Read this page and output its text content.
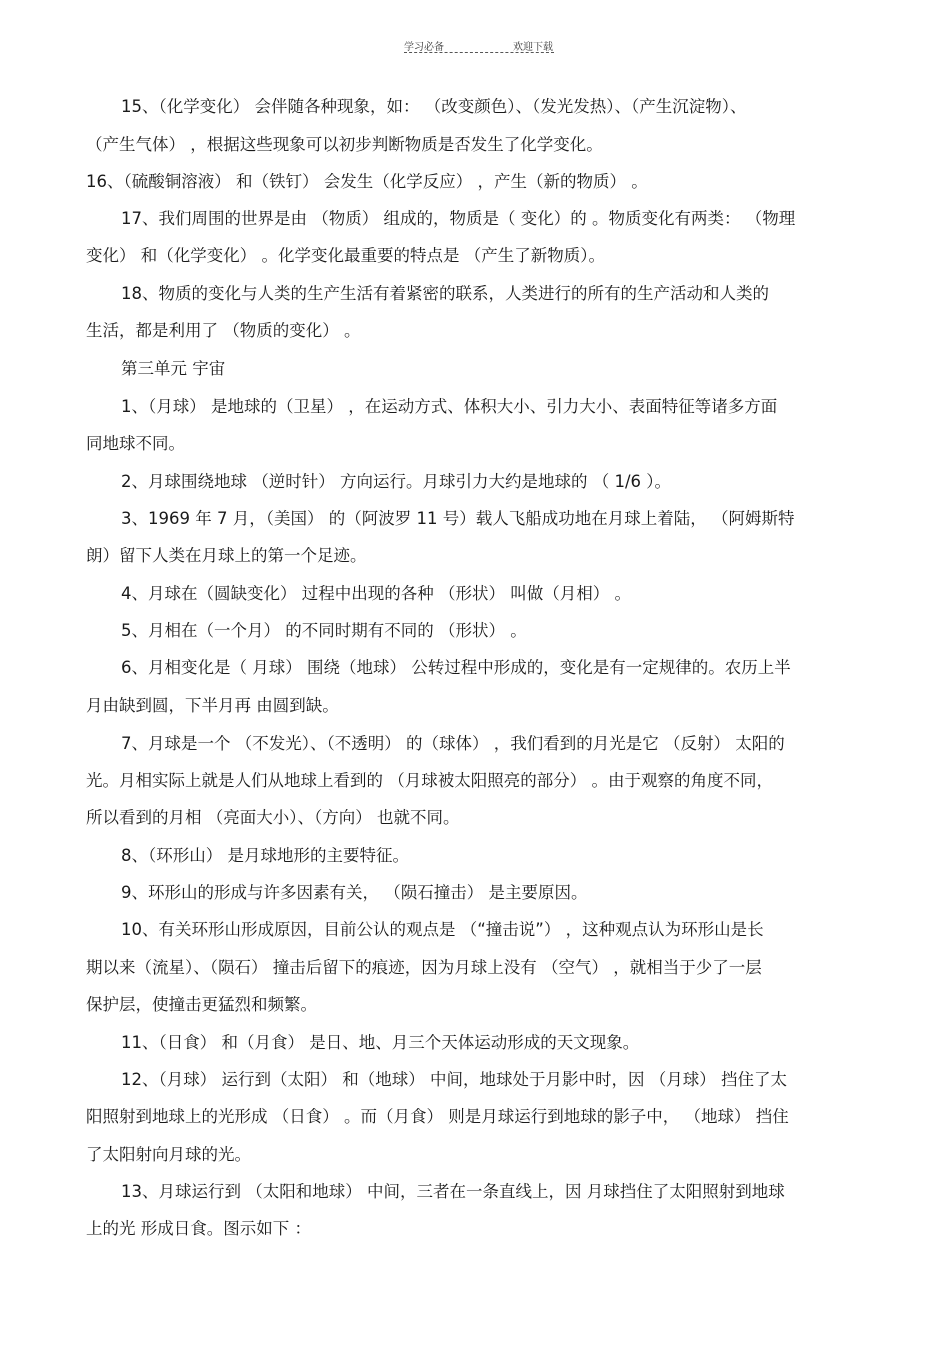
学习必备	欢迎下载
15、（化学变化） 会伴随各种现象，如： （改变颜色）、（发光发热）、（产生沉淀物）、
（产生气体） ，根据这些现象可以初步判断物质是否发生了化学变化。
16、（硫酸铜溶液） 和（铁钉） 会发生（化学反应） ，产生（新的物质） 。
17、我们周围的世界是由 （物质） 组成的，物质是（ 变化）的 。物质变化有两类： （物理
变化） 和（化学变化） 。化学变化最重要的特点是 （产生了新物质）。
18、物质的变化与人类的生产生活有着紧密的联系，人类进行的所有的生产活动和人类的
生活，都是利用了 （物质的变化） 。
第三单元 宇宙
1、（月球） 是地球的（卫星） ，在运动方式、体积大小、引力大小、表面特征等诸多方面
同地球不同。
2、月球围绕地球 （逆时针） 方向运行。月球引力大约是地球的 （ 1/6 ）。
3、1969 年 7 月，（美国） 的（阿波罗 11 号）载人飞船成功地在月球上着陆， （阿姆斯特
朗）留下人类在月球上的第一个足迹。
4、月球在（圆缺变化） 过程中出现的各种 （形状） 叫做（月相） 。
5、月相在（一个月） 的不同时期有不同的 （形状） 。
6、月相变化是（ 月球） 围绕（地球） 公转过程中形成的，变化是有一定规律的。农历上半
月由缺到圆，下半月再 由圆到缺。
7、月球是一个 （不发光）、（不透明） 的（球体） ，我们看到的月光是它 （反射） 太阳的
光。月相实际上就是人们从地球上看到的 （月球被太阳照亮的部分） 。由于观察的角度不同，
所以看到的月相 （亮面大小）、（方向） 也就不同。
8、（环形山） 是月球地形的主要特征。
9、环形山的形成与许多因素有关， （陨石撞击） 是主要原因。
10、有关环形山形成原因，目前公认的观点是 （“撞击说”） ，这种观点认为环形山是长
期以来（流星）、（陨石） 撞击后留下的痕迹，因为月球上没有 （空气） ，就相当于少了一层
保护层，使撞击更猛烈和频繁。
11、（日食） 和（月食） 是日、地、月三个天体运动形成的天文现象。
12、（月球） 运行到（太阳） 和（地球） 中间，地球处于月影中时，因 （月球） 挡住了太
阳照射到地球上的光形成 （日食） 。而（月食） 则是月球运行到地球的影子中， （地球） 挡住
了太阳射向月球的光。
13、月球运行到 （太阳和地球） 中间，三者在一条直线上，因 月球挡住了太阳照射到地球
上的光 形成日食。图示如下 ：
